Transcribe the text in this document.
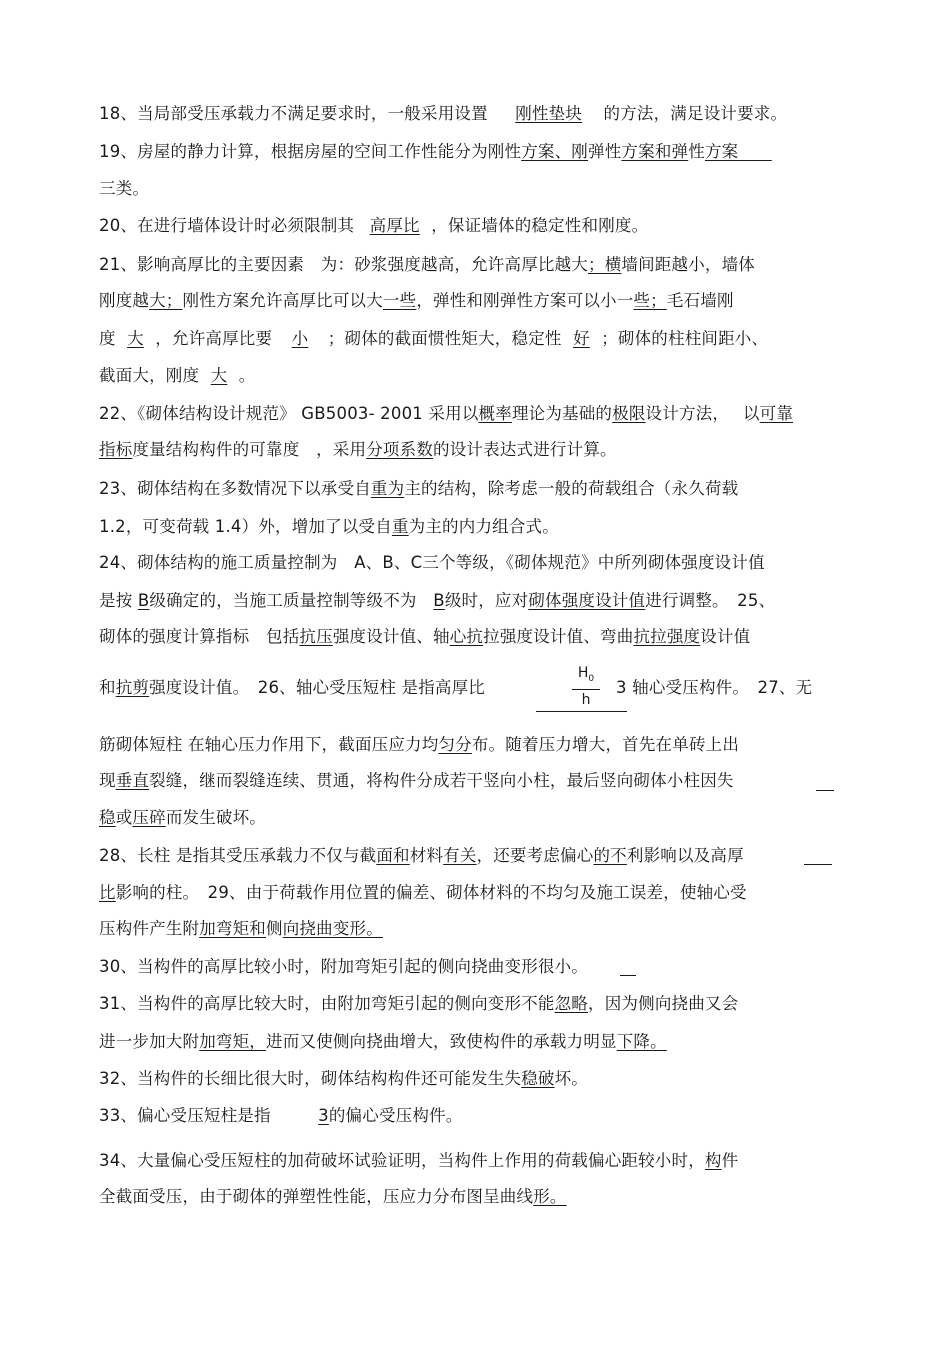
18、当局部受压承载力不满足要求时，一般采用设置 刚性垫块 的方法，满足设计要求。
19、房屋的静力计算，根据房屋的空间工作性能分为刚性方案、刚弹性方案和弹性方案　　
三类。
20、在进行墙体设计时必须限制其 高厚比 ，保证墙体的稳定性和刚度。
21、影响高厚比的主要因素　为：砂浆强度越高，允许高厚比越大；横墙间距越小，墙体
刚度越大；刚性方案允许高厚比可以大一些，弹性和刚弹性方案可以小一些；毛石墙刚
度 大 ，允许高厚比要 小 ；砌体的截面惯性矩大，稳定性 好 ；砌体的柱柱间距小、
截面大，刚度 大 。
22、《砌体结构设计规范》 GB5003- 2001 采用以概率理论为基础的极限设计方法，　 以可靠
指标度量结构构件的可靠度　，采用分项系数的设计表达式进行计算。
23、砌体结构在多数情况下以承受自重为主的结构，除考虑一般的荷载组合（永久荷载
1.2，可变荷载 1.4）外，增加了以受自重为主的内力组合式。
24、砌体结构的施工质量控制为　A、B、C三个等级，《砌体规范》中所列砌体强度设计值
是按 B级确定的，当施工质量控制等级不为　B级时，应对砌体强度设计值进行调整。　25、
砌体的强度计算指标　包括抗压强度设计值、轴心抗拉强度设计值、弯曲抗拉强度设计值
和抗剪强度设计值。　26、轴心受压短柱 是指高厚比	3 轴心受压构件。　27、无
$H_0$
h
筋砌体短柱 在轴心压力作用下，截面压应力均匀分布。随着压力增大，首先在单砖上出
现垂直裂缝，继而裂缝连续、贯通，将构件分成若干竖向小柱，最后竖向砌体小柱因失
稳或压碎而发生破坏。
28、长柱 是指其受压承载力不仅与截面和材料有关，还要考虑偏心的不利影响以及高厚
比影响的柱。　29、由于荷载作用位置的偏差、砌体材料的不均匀及施工误差，使轴心受
压构件产生附加弯矩和侧向挠曲变形。
30、当构件的高厚比较小时，附加弯矩引起的侧向挠曲变形很小。
31、当构件的高厚比较大时，由附加弯矩引起的侧向变形不能忽略，因为侧向挠曲又会
进一步加大附加弯矩，进而又使侧向挠曲增大，致使构件的承载力明显下降。
32、当构件的长细比很大时，砌体结构构件还可能发生失稳破坏。
33、偏心受压短柱是指	3的偏心受压构件。
34、大量偏心受压短柱的加荷破坏试验证明，当构件上作用的荷载偏心距较小时，构件
全截面受压，由于砌体的弹塑性性能，压应力分布图呈曲线形。
